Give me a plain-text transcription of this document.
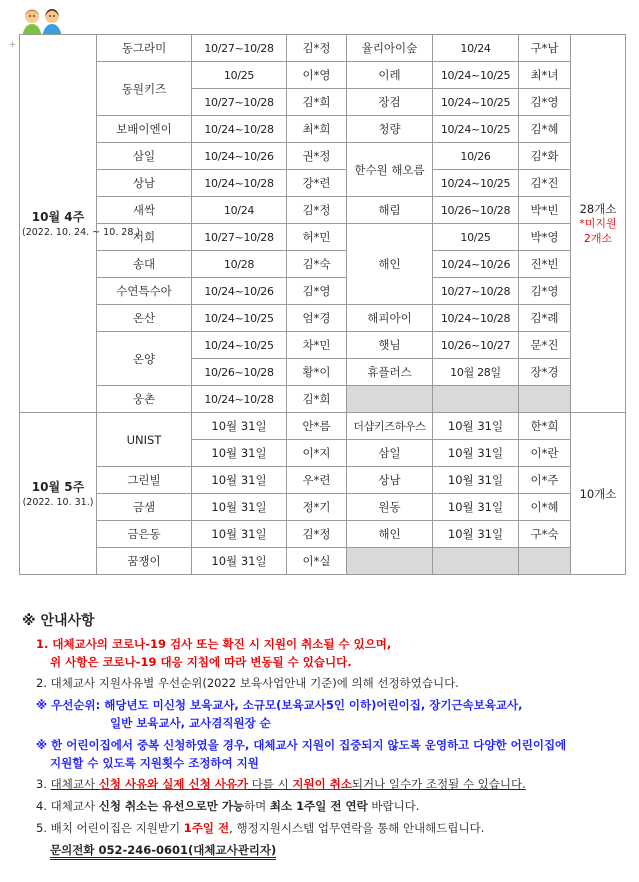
+
10월 4주
(2022. 10. 24. ~ 10. 28.)	동그라미	10/27~10/28	김*정	율리아이숲	10/24	구*남	28개소
*미지원
2개소

	동원키즈	10/25	이*영	이레	10/24~10/25	최*녀	
		10/27~10/28	김*희	장검	10/24~10/25	김*영	
	보배이엔이	10/24~10/28	최*희	청량	10/24~10/25	김*혜	
	삼일	10/24~10/26	권*정	한수원 해오름	10/26	김*화	
	상남	10/24~10/28	강*련		10/24~10/25	김*진	
	새싹	10/24	김*정	해림	10/26~10/28	박*빈	
	서희	10/27~10/28	허*민	해인	10/25	박*영	
	송대	10/28	김*숙		10/24~10/26	진*빈	
	수연특수아	10/24~10/26	김*영		10/27~10/28	김*영	
	온산	10/24~10/25	엄*경	해피아이	10/24~10/28	김*례	
	온양	10/24~10/25	차*민	햇님	10/26~10/27	문*진	
		10/26~10/28	황*이	휴플러스	10월 28일	장*경	
	웅촌	10/24~10/28	김*희				

10월 5주
(2022. 10. 31.)	UNIST	10월 31일	안*름	더샵키즈하우스	10월 31일	한*희	10개소
		10월 31일	이*지	삼일	10월 31일	이*란	
	그린빌	10월 31일	우*련	상남	10월 31일	이*주	
	금샘	10월 31일	정*기	원동	10월 31일	이*혜	
	금은동	10월 31일	김*정	해인	10월 31일	구*숙	
	꿈쟁이	10월 31일	이*실				
※ 안내사항
1. 대체교사의 코로나-19 검사 또는 확진 시 지원이 취소될 수 있으며,
위 사항은 코로나-19 대응 지침에 따라 변동될 수 있습니다.
2. 대체교사 지원사유별 우선순위(2022 보육사업안내 기준)에 의해 선정하였습니다.
※ 우선순위: 해당년도 미신청 보육교사, 소규모(보육교사5인 이하)어린이집, 장기근속보육교사,
일반 보육교사, 교사겸직원장 순
※ 한 어린이집에서 중복 신청하였을 경우, 대체교사 지원이 집중되지 않도록 운영하고 다양한 어린이집에
지원할 수 있도록 지원횟수 조정하여 지원
3. 대체교사 신청 사유와 실제 신청 사유가 다를 시 지원이 취소되거나 일수가 조정될 수 있습니다.
4. 대체교사 신청 취소는 유선으로만 가능하며 최소 1주일 전 연락 바랍니다.
5. 배치 어린이집은 지원받기 1주일 전, 행정지원시스템 업무연락을 통해 안내해드립니다.
문의전화 052-246-0601(대체교사관리자)
